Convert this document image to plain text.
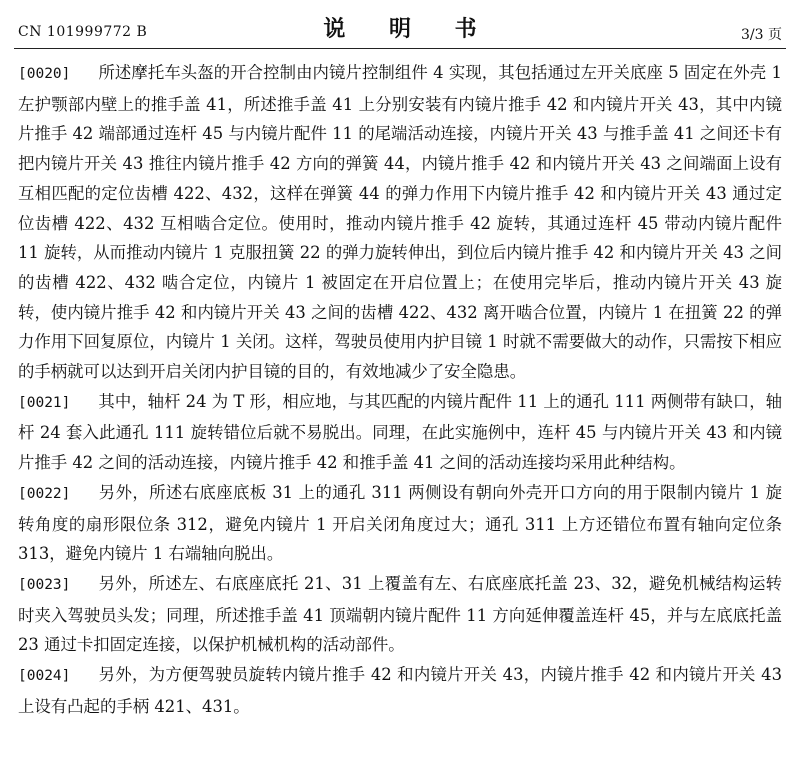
CN 101999772 B	说 明 书	3/3 页

[0020] 所述摩托车头盔的开合控制由内镜片控制组件 4 实现，其包括通过左开关底座 5 固定在外壳 1 左护颚部内壁上的推手盖 41，所述推手盖 41 上分别安装有内镜片推手 42 和内镜片开关 43，其中内镜片推手 42 端部通过连杆 45 与内镜片配件 11 的尾端活动连接，内镜片开关 43 与推手盖 41 之间还卡有把内镜片开关 43 推往内镜片推手 42 方向的弹簧 44，内镜片推手 42 和内镜片开关 43 之间端面上设有互相匹配的定位齿槽 422、432，这样在弹簧 44 的弹力作用下内镜片推手 42 和内镜片开关 43 通过定位齿槽 422、432 互相啮合定位。使用时，推动内镜片推手 42 旋转，其通过连杆 45 带动内镜片配件 11 旋转，从而推动内镜片 1 克服扭簧 22 的弹力旋转伸出，到位后内镜片推手 42 和内镜片开关 43 之间的齿槽 422、432 啮合定位，内镜片 1 被固定在开启位置上；在使用完毕后，推动内镜片开关 43 旋转，使内镜片推手 42 和内镜片开关 43 之间的齿槽 422、432 离开啮合位置，内镜片 1 在扭簧 22 的弹力作用下回复原位，内镜片 1 关闭。这样，驾驶员使用内护目镜 1 时就不需要做大的动作，只需按下相应的手柄就可以达到开启关闭内护目镜的目的，有效地减少了安全隐患。

[0021] 其中，轴杆 24 为 T 形，相应地，与其匹配的内镜片配件 11 上的通孔 111 两侧带有缺口，轴杆 24 套入此通孔 111 旋转错位后就不易脱出。同理，在此实施例中，连杆 45 与内镜片开关 43 和内镜片推手 42 之间的活动连接，内镜片推手 42 和推手盖 41 之间的活动连接均采用此种结构。

[0022] 另外，所述右底座底板 31 上的通孔 311 两侧设有朝向外壳开口方向的用于限制内镜片 1 旋转角度的扇形限位条 312，避免内镜片 1 开启关闭角度过大；通孔 311 上方还错位布置有轴向定位条 313，避免内镜片 1 右端轴向脱出。

[0023] 另外，所述左、右底座底托 21、31 上覆盖有左、右底座底托盖 23、32，避免机械结构运转时夹入驾驶员头发；同理，所述推手盖 41 顶端朝内镜片配件 11 方向延伸覆盖连杆 45，并与左底底托盖 23 通过卡扣固定连接，以保护机械机构的活动部件。

[0024] 另外，为方便驾驶员旋转内镜片推手 42 和内镜片开关 43，内镜片推手 42 和内镜片开关 43 上设有凸起的手柄 421、431。
